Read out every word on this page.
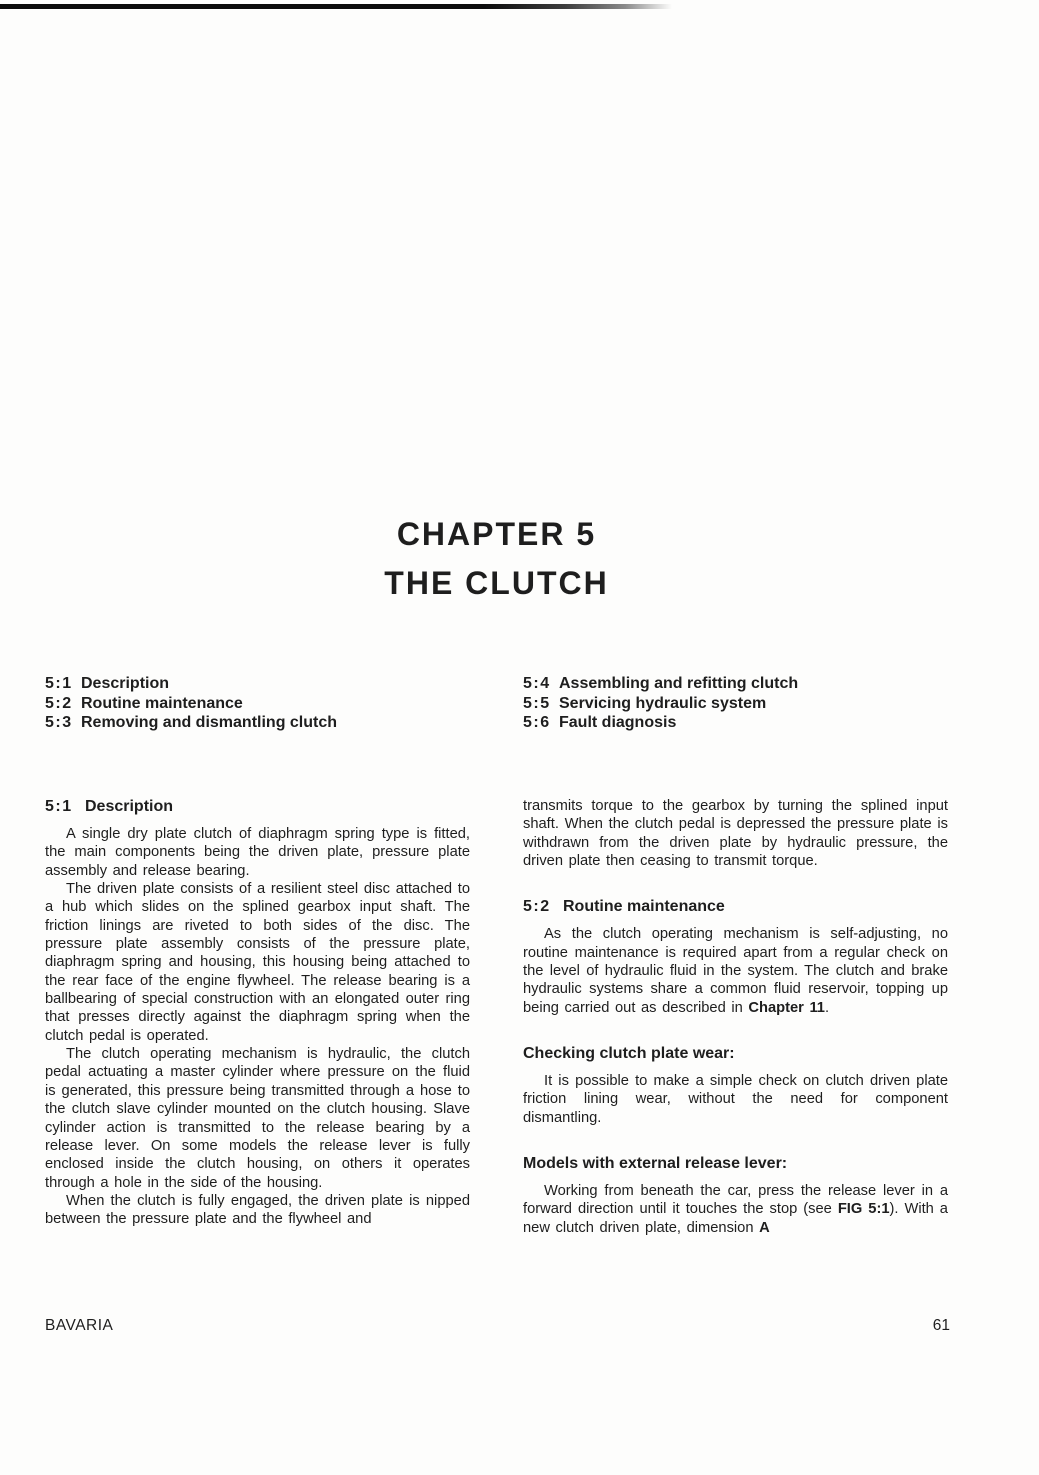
CHAPTER 5
THE CLUTCH
5:1 Description
5:2 Routine maintenance
5:3 Removing and dismantling clutch
5:4 Assembling and refitting clutch
5:5 Servicing hydraulic system
5:6 Fault diagnosis
5:1 Description

A single dry plate clutch of diaphragm spring type is fitted, the main components being the driven plate, pressure plate assembly and release bearing.

The driven plate consists of a resilient steel disc attached to a hub which slides on the splined gearbox input shaft. The friction linings are riveted to both sides of the disc. The pressure plate assembly consists of the pressure plate, diaphragm spring and housing, this housing being attached to the rear face of the engine flywheel. The release bearing is a ballbearing of special construction with an elongated outer ring that presses directly against the diaphragm spring when the clutch pedal is operated.

The clutch operating mechanism is hydraulic, the clutch pedal actuating a master cylinder where pressure on the fluid is generated, this pressure being transmitted through a hose to the clutch slave cylinder mounted on the clutch housing. Slave cylinder action is transmitted to the release bearing by a release lever. On some models the release lever is fully enclosed inside the clutch housing, on others it operates through a hole in the side of the housing.

When the clutch is fully engaged, the driven plate is nipped between the pressure plate and the flywheel and

transmits torque to the gearbox by turning the splined input shaft. When the clutch pedal is depressed the pressure plate is withdrawn from the driven plate by hydraulic pressure, the driven plate then ceasing to transmit torque.

5:2 Routine maintenance

As the clutch operating mechanism is self-adjusting, no routine maintenance is required apart from a regular check on the level of hydraulic fluid in the system. The clutch and brake hydraulic systems share a common fluid reservoir, topping up being carried out as described in Chapter 11.

Checking clutch plate wear:

It is possible to make a simple check on clutch driven plate friction lining wear, without the need for component dismantling.

Models with external release lever:

Working from beneath the car, press the release lever in a forward direction until it touches the stop (see FIG 5:1). With a new clutch driven plate, dimension A

BAVARIA	61
